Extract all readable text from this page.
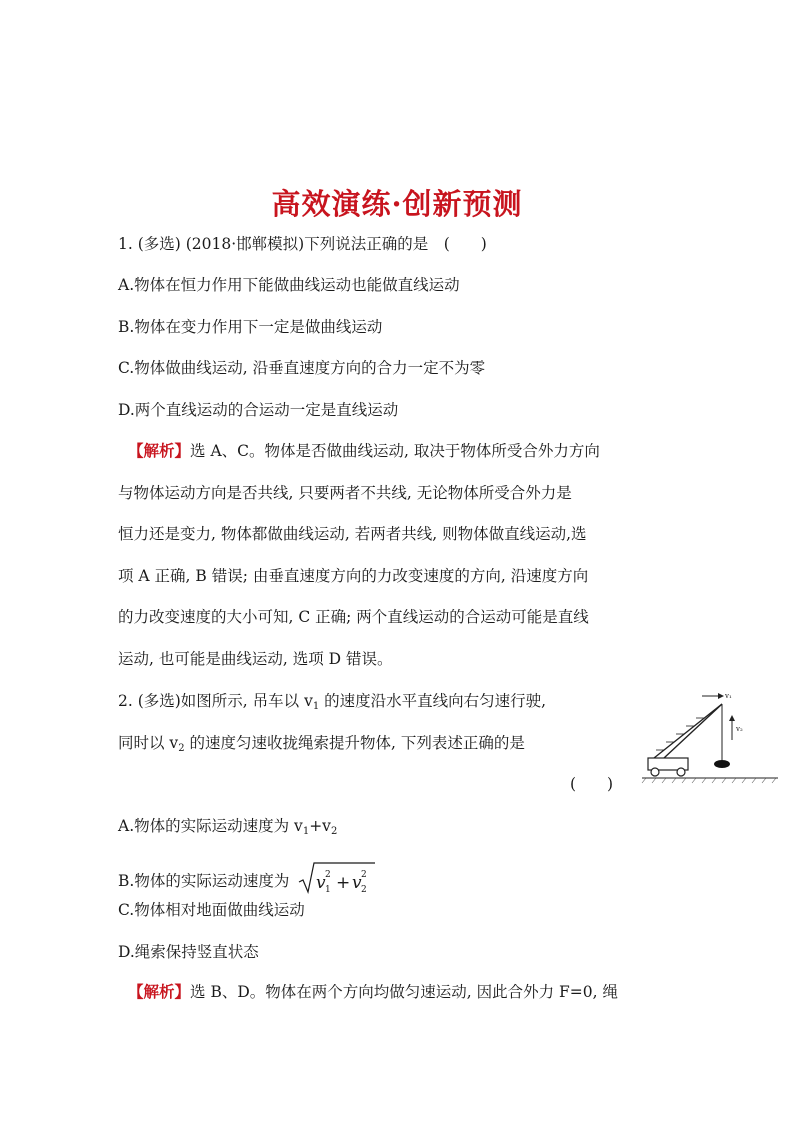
高效演练·创新预测
1. (多选) (2018·邯郸模拟)下列说法正确的是　(　　)
A.物体在恒力作用下能做曲线运动也能做直线运动
B.物体在变力作用下一定是做曲线运动
C.物体做曲线运动, 沿垂直速度方向的合力一定不为零
D.两个直线运动的合运动一定是直线运动
【解析】选 A、C。物体是否做曲线运动, 取决于物体所受合外力方向
与物体运动方向是否共线, 只要两者不共线, 无论物体所受合外力是
恒力还是变力, 物体都做曲线运动, 若两者共线, 则物体做直线运动,选
项 A 正确, B 错误; 由垂直速度方向的力改变速度的方向, 沿速度方向
的力改变速度的大小可知, C 正确; 两个直线运动的合运动可能是直线
运动, 也可能是曲线运动, 选项 D 错误。
2. (多选)如图所示, 吊车以 $v_1$ 的速度沿水平直线向右匀速行驶,
同时以 $v_2$ 的速度匀速收拢绳索提升物体, 下列表述正确的是
(　　)
v₁
v₂
A.物体的实际运动速度为 $v_1+v_2$
B.物体的实际运动速度为 v 2
1 + v 2
2
C.物体相对地面做曲线运动
D.绳索保持竖直状态
【解析】选 B、D。物体在两个方向均做匀速运动, 因此合外力 F=0, 绳
